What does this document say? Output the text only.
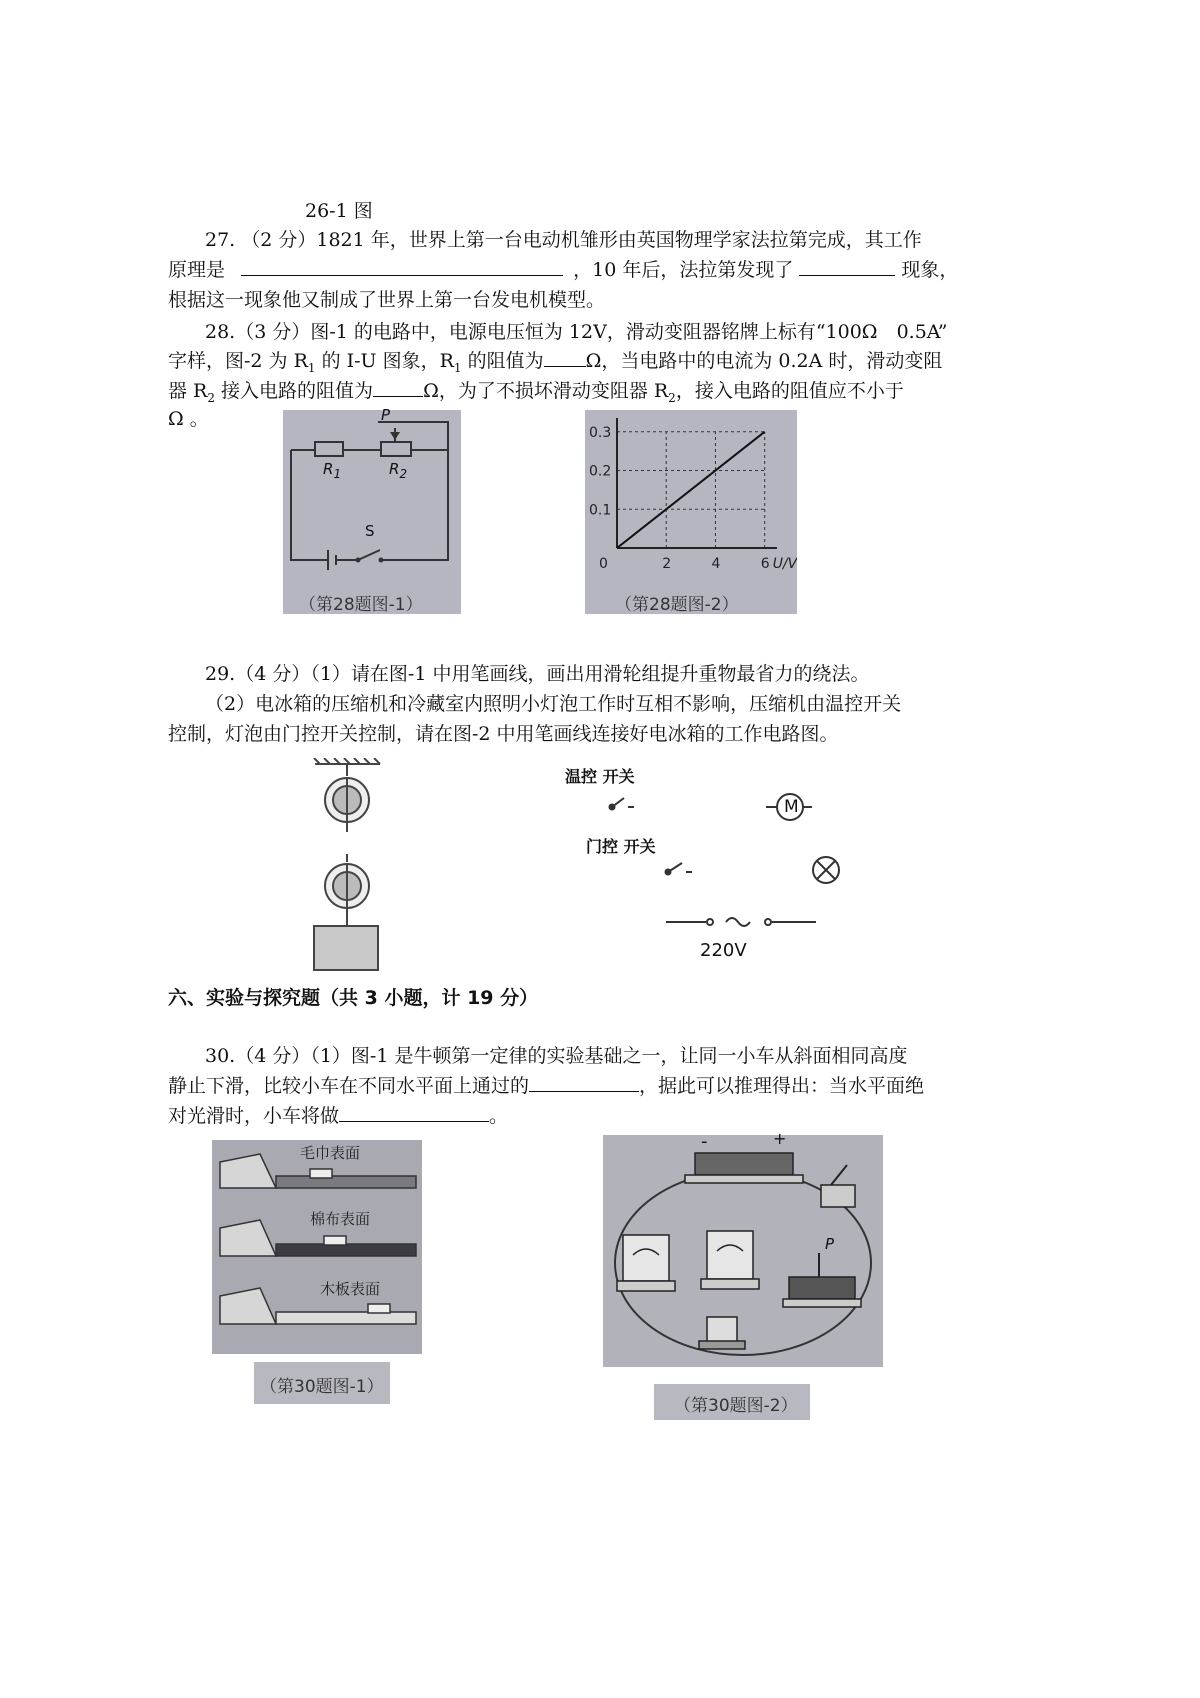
26-1 图
27. （2 分）1821 年，世界上第一台电动机雏形由英国物理学家法拉第完成，其工作
原理是	，10 年后，法拉第发现了	现象，
根据这一现象他又制成了世界上第一台发电机模型。
28.（3 分）图-1 的电路中，电源电压恒为 12V，滑动变阻器铭牌上标有“100Ω　0.5A”
字样，图-2 为 $R_1$ 的 I-U 图象，$R_1$ 的阻值为 Ω，当电路中的电流为 0.2A 时，滑动变阻
器 $R_2$ 接入电路的阻值为	Ω，为了不损坏滑动变阻器 $R_2$，接入电路的阻值应不小于
Ω 。	P
$R_1$	$R_2$
S
（第28题图-1）
0.3
0.2
0.1
0	2	4	6 U/V
（第28题图-2）
29.（4 分）（1）请在图-1 中用笔画线，画出用滑轮组提升重物最省力的绕法。
（2）电冰箱的压缩机和冷藏室内照明小灯泡工作时互相不影响，压缩机由温控开关
控制，灯泡由门控开关控制，请在图-2 中用笔画线连接好电冰箱的工作电路图。
温控 开关
门控 开关
M
220V
六、实验与探究题（共 3 小题，计 19 分）
30.（4 分）（1）图-1 是牛顿第一定律的实验基础之一，让同一小车从斜面相同高度
静止下滑，比较小车在不同水平面上通过的	，据此可以推理得出：当水平面绝
对光滑时，小车将做	。
毛巾表面
棉布表面
木板表面
（第30题图-1）
-	+
P
（第30题图-2）
